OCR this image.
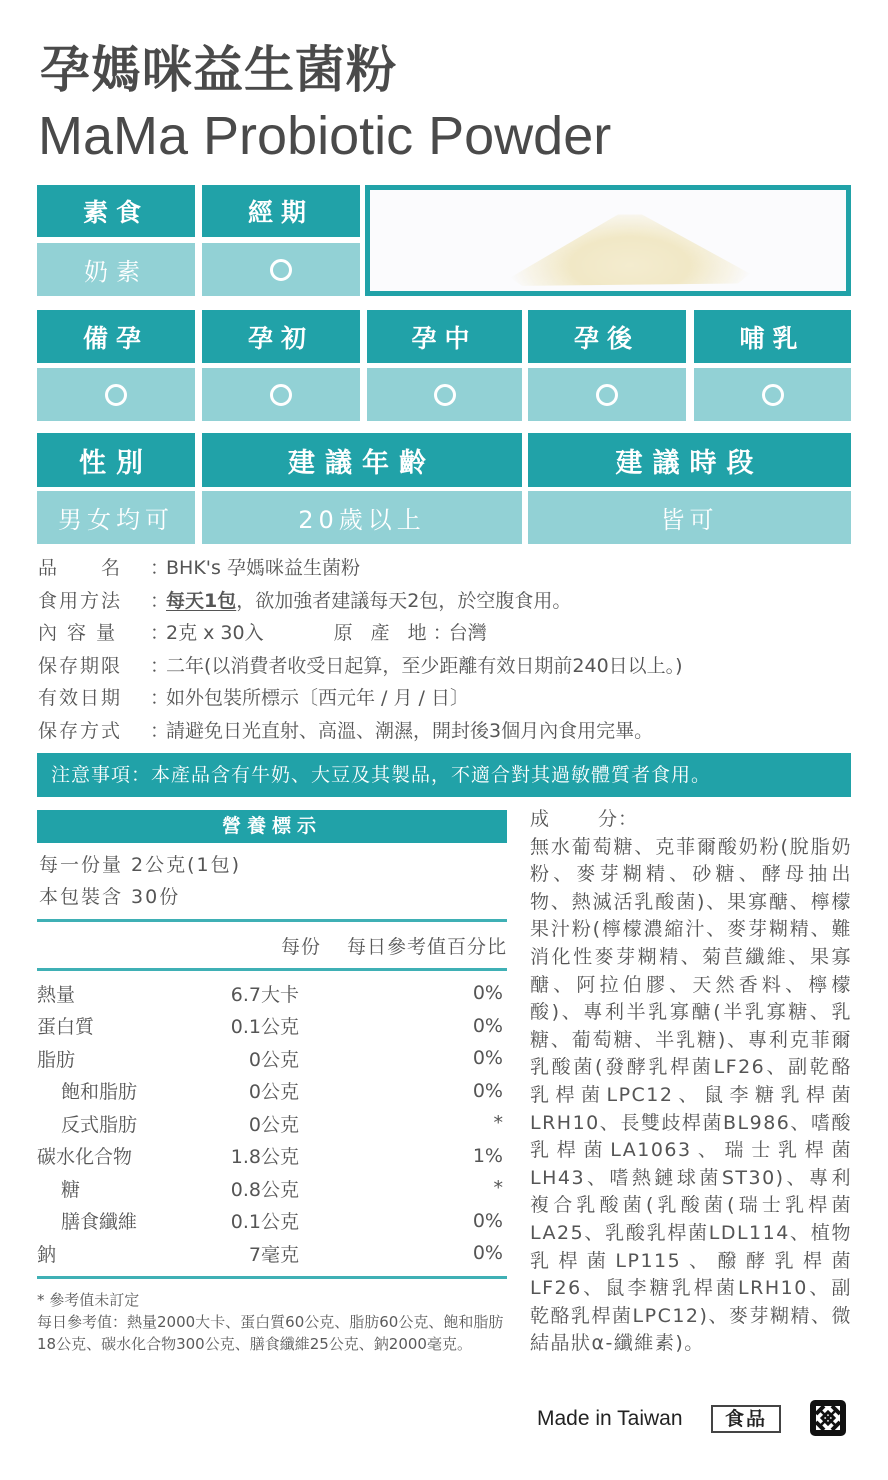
孕媽咪益生菌粉
MaMa Probiotic Powder
素食	經期
奶素
備孕	孕初	孕中	孕後	哺乳
性別	建議年齡	建議時段
男女均可	20歲以上	皆可
品　　名	：
BHK's 孕媽咪益生菌粉
食用方法	：
每天1包 ，欲加強者建議每天2包，於空腹食用。
內 容 量	：
2克 x 30入	原 產 地 ：
台灣
保存期限	：
二年(以消費者收受日起算，至少距離有效日期前240日以上。)
有效日期	：
如外包裝所標示〔西元年 / 月 / 日〕
保存方式	：
請避免日光直射、高溫、潮濕，開封後3個月內食用完畢。
注意事項：本產品含有牛奶、大豆及其製品，不適合對其過敏體質者食用。
營養標示
每一份量 2公克(1包)
本包裝含 30份
每份 每日參考值百分比
熱量	6.7大卡	0%
蛋白質	0.1公克	0%
脂肪	0公克	0%
飽和脂肪	0公克	0%
反式脂肪	0公克	*
碳水化合物	1.8公克	1%
糖	0.8公克	*
膳食纖維	0.1公克	0%
鈉	7毫克	0%
* 參考值未訂定
每日參考值：熱量2000大卡、蛋白質60公克、脂肪60公克、飽和脂肪18公克、碳水化合物300公克、膳食纖維25公克、鈉2000毫克。
成	分：
無水葡萄糖、克菲爾酸奶粉(脫脂奶粉、麥芽糊精、砂糖、酵母抽出物、熱滅活乳酸菌)、果寡醣、檸檬果汁粉(檸檬濃縮汁、麥芽糊精、難消化性麥芽糊精、菊苣纖維、果寡醣、阿拉伯膠、天然香料、檸檬酸)、專利半乳寡醣(半乳寡糖、乳糖、葡萄糖、半乳糖)、專利克菲爾乳酸菌(發酵乳桿菌LF26、副乾酪乳桿菌LPC12、鼠李糖乳桿菌LRH10、長雙歧桿菌BL986、嗜酸乳桿菌LA1063、瑞士乳桿菌LH43、嗜熱鏈球菌ST30)、專利複合乳酸菌(乳酸菌(瑞士乳桿菌LA25、乳酸乳桿菌LDL114、植物乳桿菌LP115、醱酵乳桿菌LF26、鼠李糖乳桿菌LRH10、副乾酪乳桿菌LPC12)、麥芽糊精、微結晶狀α-纖維素)。
Made in Taiwan	食品
